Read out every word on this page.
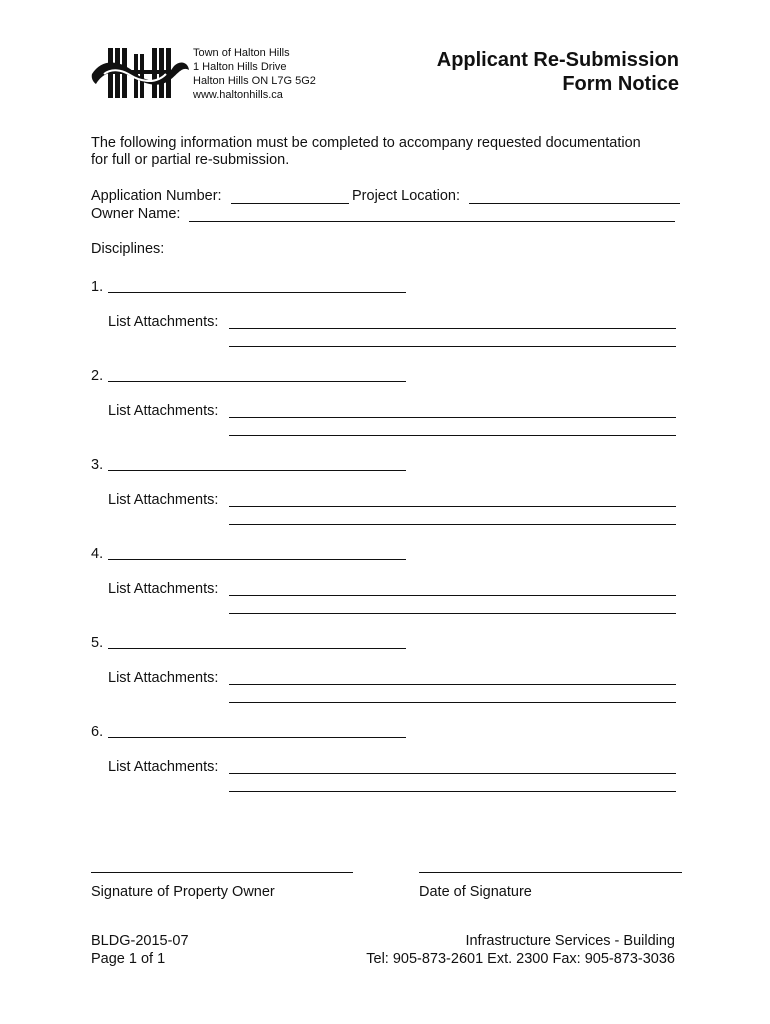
Town of Halton Hills
1 Halton Hills Drive
Halton Hills ON L7G 5G2
www.haltonhills.ca
Applicant Re-Submission
Form Notice
The following information must be completed to accompany requested documentation
for full or partial re-submission.
Application Number:	Project Location:
Owner Name:
Disciplines:
1.
List Attachments:
2.
List Attachments:
3.
List Attachments:
4.
List Attachments:
5.
List Attachments:
6.
List Attachments:
Signature of Property Owner	Date of Signature
BLDG-2015-07
Page 1 of 1
Infrastructure Services - Building
Tel: 905-873-2601 Ext. 2300 Fax: 905-873-3036
